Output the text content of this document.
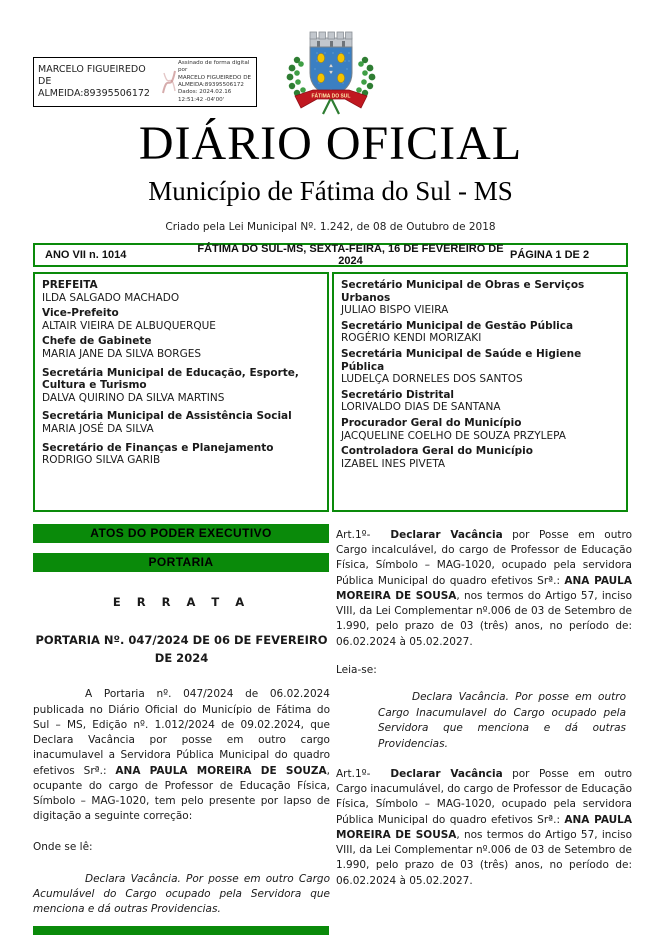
MARCELO FIGUEIREDO DE ALMEIDA:89395506172
Assinado de forma digital por
MARCELO FIGUEIREDO DE
ALMEIDA:89395506172
Dados: 2024.02.16 12:51:42 -04'00'
FÁTIMA DO SUL
DIÁRIO OFICIAL
Município de Fátima do Sul - MS
Criado pela Lei Municipal Nº. 1.242, de 08 de Outubro de 2018
ANO VII n. 1014	FÁTIMA DO SUL-MS, SEXTA-FEIRA, 16 DE FEVEREIRO DE 2024	PÁGINA 1 DE 2
PREFEITA
ILDA SALGADO MACHADO
Vice-Prefeito
ALTAIR VIEIRA DE ALBUQUERQUE
Chefe de Gabinete
MARIA JANE DA SILVA BORGES
Secretária Municipal de Educação, Esporte, Cultura e Turismo
DALVA QUIRINO DA SILVA MARTINS
Secretária Municipal de Assistência Social
MARIA JOSÉ DA SILVA
Secretário de Finanças e Planejamento
RODRIGO SILVA GARIB
Secretário Municipal de Obras e Serviços Urbanos
JULIAO BISPO VIEIRA
Secretário Municipal de Gestão Pública
ROGÉRIO KENDI MORIZAKI
Secretária Municipal de Saúde e Higiene Pública
LUDELÇA DORNELES DOS SANTOS
Secretário Distrital
LORIVALDO DIAS DE SANTANA
Procurador Geral do Município
JACQUELINE COELHO DE SOUZA PRZYLEPA
Controladora Geral do Município
IZABEL INES PIVETA
ATOS DO PODER EXECUTIVO
PORTARIA
E R R A T A
PORTARIA Nº. 047/2024 DE 06 DE FEVEREIRO DE 2024

A Portaria nº. 047/2024 de 06.02.2024 publicada no Diário Oficial do Município de Fátima do Sul – MS, Edição nº. 1.012/2024 de 09.02.2024, que Declara Vacância por posse em outro cargo inacumulavel a Servidora Pública Municipal do quadro efetivos Srª.: ANA PAULA MOREIRA DE SOUZA, ocupante do cargo de Professor de Educação Física, Símbolo – MAG-1020, tem pelo presente por lapso de digitação a seguinte correção:

Onde se lê:

Declara Vacância. Por posse em outro Cargo Acumulável do Cargo ocupado pela Servidora que menciona e dá outras Providencias.

Art.1º- Declarar Vacância por Posse em outro Cargo incalculável, do cargo de Professor de Educação Física, Símbolo – MAG-1020, ocupado pela servidora Pública Municipal do quadro efetivos Srª.: ANA PAULA MOREIRA DE SOUSA, nos termos do Artigo 57, inciso VIII, da Lei Complementar nº.006 de 03 de Setembro de 1.990, pelo prazo de 03 (três) anos, no período de: 06.02.2024 à 05.02.2027.

Leia-se:

Declara Vacância. Por posse em outro Cargo Inacumulavel do Cargo ocupado pela Servidora que menciona e dá outras Providencias.

Art.1º- Declarar Vacância por Posse em outro Cargo inacumulável, do cargo de Professor de Educação Física, Símbolo – MAG-1020, ocupado pela servidora Pública Municipal do quadro efetivos Srª.: ANA PAULA MOREIRA DE SOUSA, nos termos do Artigo 57, inciso VIII, da Lei Complementar nº.006 de 03 de Setembro de 1.990, pelo prazo de 03 (três) anos, no período de: 06.02.2024 à 05.02.2027.
